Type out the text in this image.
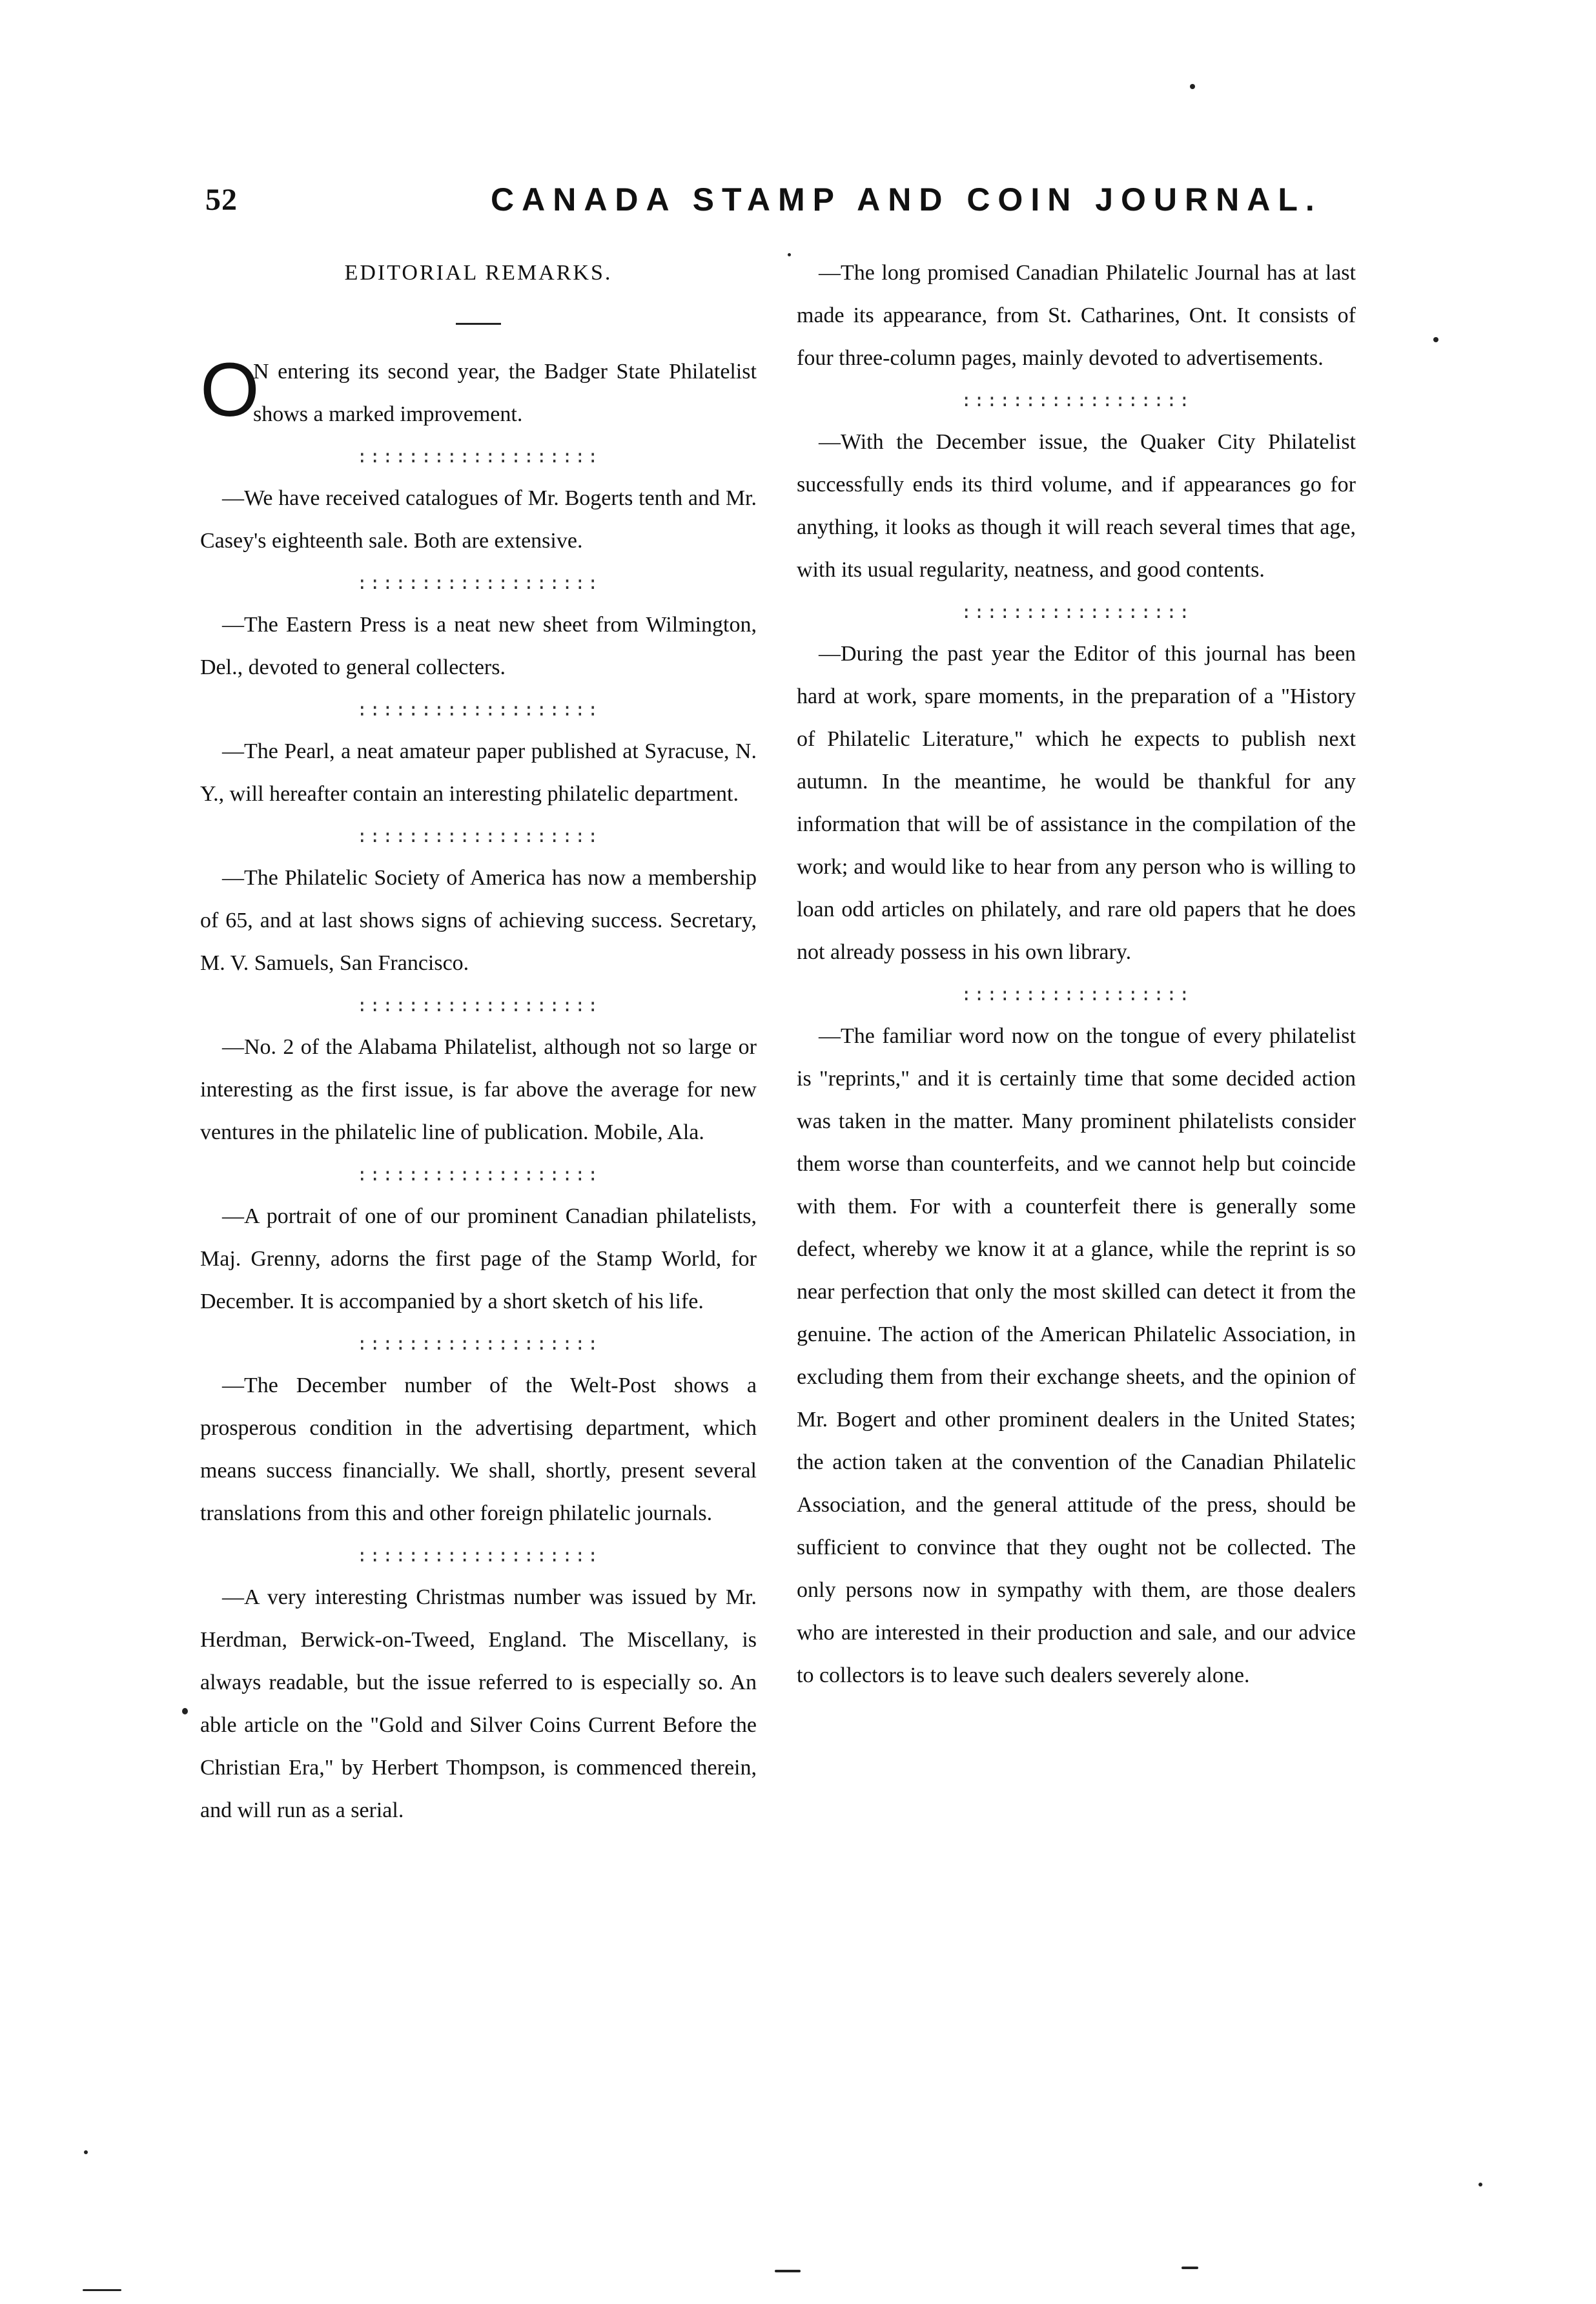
52	CANADA STAMP AND COIN JOURNAL.
EDITORIAL REMARKS.
O
N entering its second year, the Badger State Philatelist shows a marked improvement.
:::::::::::::::::::

—We have received catalogues of Mr. Bogerts tenth and Mr. Casey's eighteenth sale. Both are extensive.

:::::::::::::::::::

—The Eastern Press is a neat new sheet from Wilmington, Del., devoted to general collecters.

:::::::::::::::::::

—The Pearl, a neat amateur paper published at Syracuse, N. Y., will hereafter contain an interesting philatelic department.

:::::::::::::::::::

—The Philatelic Society of America has now a membership of 65, and at last shows signs of achieving success. Secretary, M. V. Samuels, San Francisco.

:::::::::::::::::::

—No. 2 of the Alabama Philatelist, although not so large or interesting as the first issue, is far above the average for new ventures in the philatelic line of publication. Mobile, Ala.

:::::::::::::::::::

—A portrait of one of our prominent Canadian philatelists, Maj. Grenny, adorns the first page of the Stamp World, for December. It is accompanied by a short sketch of his life.

:::::::::::::::::::

—The December number of the Welt-Post shows a prosperous condition in the advertising department, which means success financially. We shall, shortly, present several translations from this and other foreign philatelic journals.

:::::::::::::::::::

—A very interesting Christmas number was issued by Mr. Herdman, Berwick-on-Tweed, England. The Miscellany, is always readable, but the issue referred to is especially so. An able article on the "Gold and Silver Coins Current Before the Christian Era," by Herbert Thompson, is commenced therein, and will run as a serial.

—The long promised Canadian Philatelic Journal has at last made its appearance, from St. Catharines, Ont. It consists of four three-column pages, mainly devoted to advertisements.

::::::::::::::::::

—With the December issue, the Quaker City Philatelist successfully ends its third volume, and if appearances go for anything, it looks as though it will reach several times that age, with its usual regularity, neatness, and good contents.

::::::::::::::::::

—During the past year the Editor of this journal has been hard at work, spare moments, in the preparation of a "History of Philatelic Literature," which he expects to publish next autumn. In the meantime, he would be thankful for any information that will be of assistance in the compilation of the work; and would like to hear from any person who is willing to loan odd articles on philately, and rare old papers that he does not already possess in his own library.

::::::::::::::::::

—The familiar word now on the tongue of every philatelist is "reprints," and it is certainly time that some decided action was taken in the matter. Many prominent philatelists consider them worse than counterfeits, and we cannot help but coincide with them. For with a counterfeit there is generally some defect, whereby we know it at a glance, while the reprint is so near perfection that only the most skilled can detect it from the genuine. The action of the American Philatelic Association, in excluding them from their exchange sheets, and the opinion of Mr. Bogert and other prominent dealers in the United States; the action taken at the convention of the Canadian Philatelic Association, and the general attitude of the press, should be sufficient to convince that they ought not be collected. The only persons now in sympathy with them, are those dealers who are interested in their production and sale, and our advice to collectors is to leave such dealers severely alone.
